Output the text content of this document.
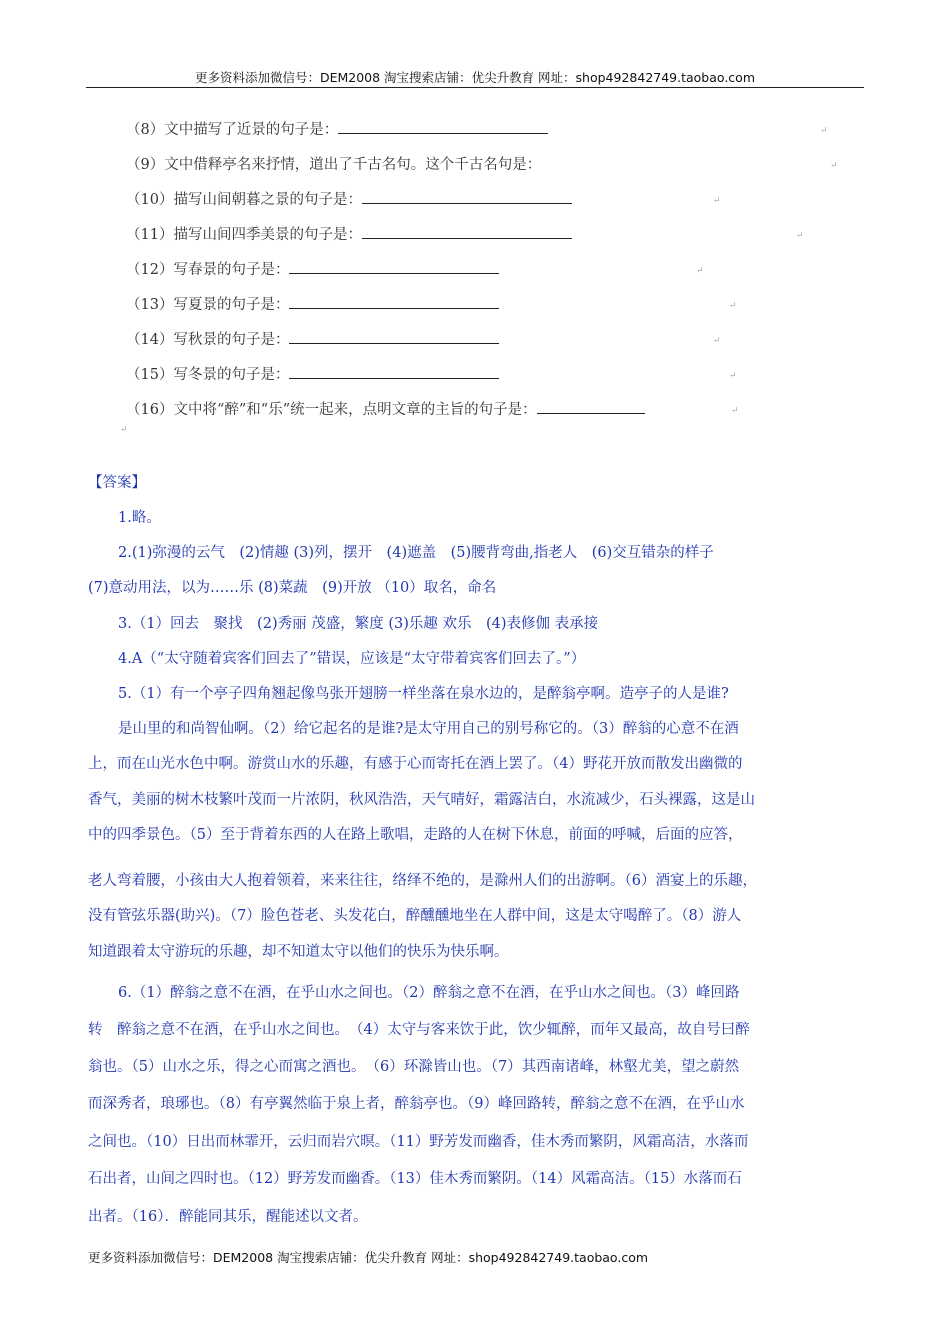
更多资料添加微信号：DEM2008 淘宝搜索店铺：优尖升教育 网址：shop492842749.taobao.com
（8）文中描写了近景的句子是：	↵
（9）文中借释亭名来抒情，道出了千古名句。这个千古名句是：	↵
（10）描写山间朝暮之景的句子是：	↵
（11）描写山间四季美景的句子是：	↵
（12）写春景的句子是：	↵
（13）写夏景的句子是：	↵
（14）写秋景的句子是：	↵
（15）写冬景的句子是：	↵
（16）文中将“醉”和“乐”统一起来，点明文章的主旨的句子是：	↵
↵
【答案】
1.略。
2.(1)弥漫的云气　(2)情趣 (3)列，摆开　(4)遮盖　(5)腰背弯曲,指老人　(6)交互错杂的样子
(7)意动用法，以为……乐 (8)菜蔬　(9)开放 （10）取名，命名
3.（1）回去　聚找　(2)秀丽 茂盛，繁度 (3)乐趣 欢乐　(4)表修伽 表承接
4.A（“太守随着宾客们回去了”错误，应该是“太守带着宾客们回去了。”）
5.（1）有一个亭子四角翘起像鸟张开翅膀一样坐落在泉水边的，是醉翁亭啊。造亭子的人是谁?
是山里的和尚智仙啊。（2）给它起名的是谁?是太守用自己的别号称它的。（3）醉翁的心意不在酒
上，而在山光水色中啊。游赏山水的乐趣，有感于心而寄托在酒上罢了。（4）野花开放而散发出幽微的
香气，美丽的树木枝繁叶茂而一片浓阴，秋风浩浩，天气晴好，霜露洁白，水流减少，石头裸露，这是山
中的四季景色。（5）至于背着东西的人在路上歌唱，走路的人在树下休息，前面的呼喊，后面的应答，
老人弯着腰，小孩由大人抱着领着，来来往往，络绎不绝的，是滁州人们的出游啊。（6）酒宴上的乐趣，
没有管弦乐器(助兴)。（7）脸色苍老、头发花白，醉醺醺地坐在人群中间，这是太守喝醉了。（8）游人
知道跟着太守游玩的乐趣，却不知道太守以他们的快乐为快乐啊。
6.（1）醉翁之意不在酒，在乎山水之间也。（2）醉翁之意不在酒，在乎山水之间也。（3）峰回路
转　醉翁之意不在酒，在乎山水之间也。　（4）太守与客来饮于此，饮少辄醉，而年又最高，故自号曰醉
翁也。（5）山水之乐，得之心而寓之酒也。　（6）环滁皆山也。（7）其西南诸峰，林壑尤美，望之蔚然
而深秀者，琅琊也。（8）有亭翼然临于泉上者，醉翁亭也。（9）峰回路转，醉翁之意不在酒，在乎山水
之间也。（10）日出而林霏开，云归而岩穴暝。（11）野芳发而幽香，佳木秀而繁阴，风霜高洁，水落而
石出者，山间之四时也。（12）野芳发而幽香。（13）佳木秀而繁阴。（14）风霜高洁。（15）水落而石
出者。（16）．醉能同其乐，醒能述以文者。
更多资料添加微信号：DEM2008 淘宝搜索店铺：优尖升教育 网址：shop492842749.taobao.com
